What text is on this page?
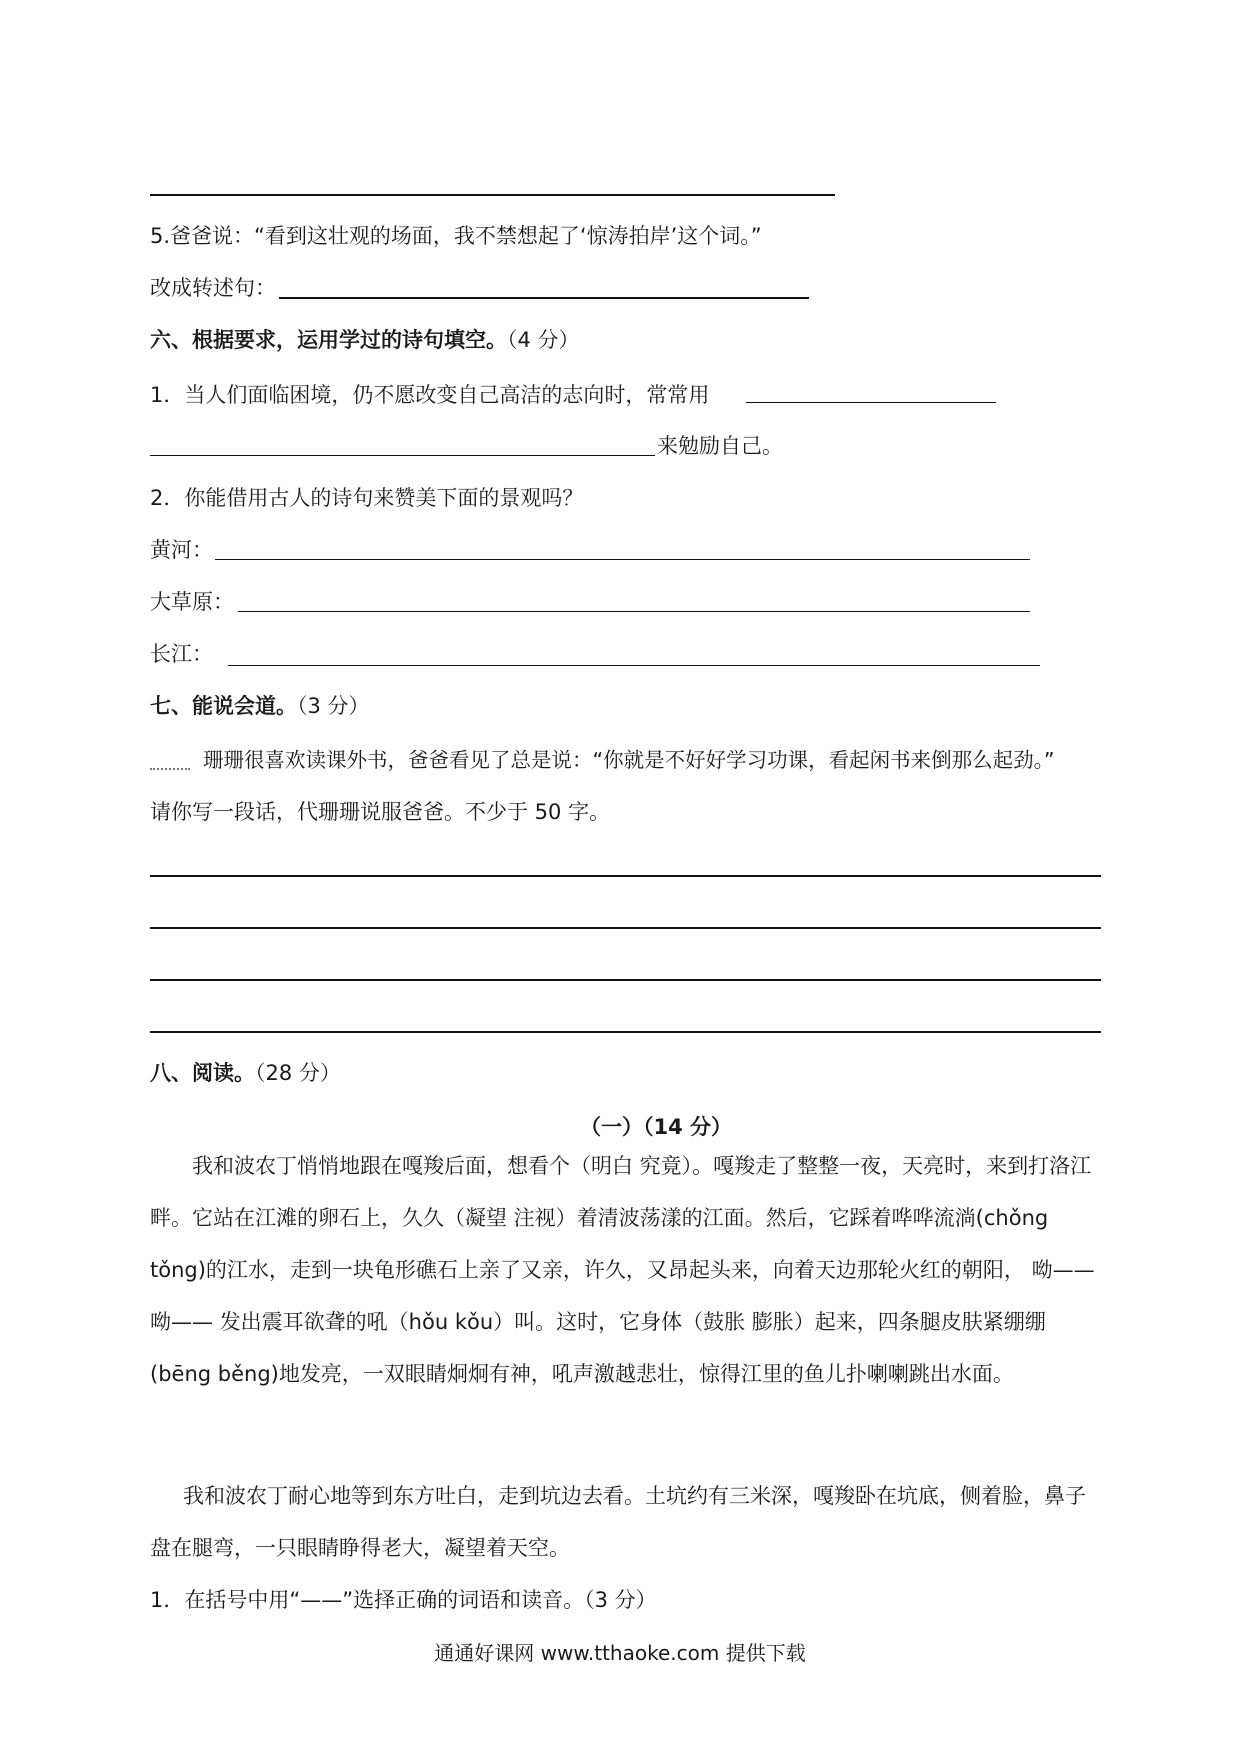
5.爸爸说：“看到这壮观的场面，我不禁想起了‘惊涛拍岸’这个词。”
改成转述句：
六、根据要求，运用学过的诗句填空。（4 分）
1．当人们面临困境，仍不愿改变自己高洁的志向时，常常用
来勉励自己。
2．你能借用古人的诗句来赞美下面的景观吗？
黄河：
大草原：
长江：
七、能说会道。（3 分）
珊珊很喜欢读课外书，爸爸看见了总是说：“你就是不好好学习功课，看起闲书来倒那么起劲。”
请你写一段话，代珊珊说服爸爸。不少于 50 字。
八、阅读。（28 分）
（一）（14 分）
我和波农丁悄悄地跟在嘎羧后面，想看个（明白 究竟）。嘎羧走了整整一夜，天亮时，来到打洛江畔。它站在江滩的卵石上，久久（凝望 注视）着清波荡漾的江面。然后，它踩着哗哗流淌(chǒng tǒng)的江水，走到一块龟形礁石上亲了又亲，许久，又昂起头来，向着天边那轮火红的朝阳， 呦—— 呦—— 发出震耳欲聋的吼（hǒu kǒu）叫。这时，它身体（鼓胀 膨胀）起来，四条腿皮肤紧绷绷(bēng běng)地发亮，一双眼睛炯炯有神，吼声激越悲壮，惊得江里的鱼儿扑喇喇跳出水面。
我和波农丁耐心地等到东方吐白，走到坑边去看。土坑约有三米深，嘎羧卧在坑底，侧着脸，鼻子盘在腿弯，一只眼睛睁得老大，凝望着天空。
1．在括号中用“——”选择正确的词语和读音。（3 分）
通通好课网 www.tthaoke.com 提供下载
